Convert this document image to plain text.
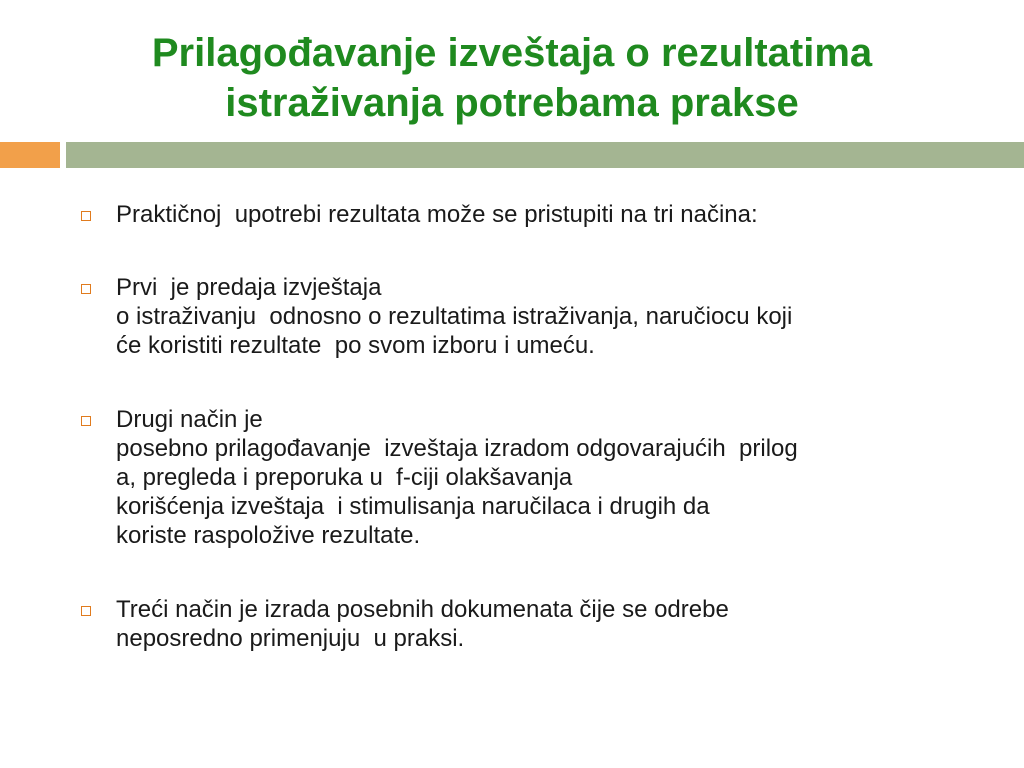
Prilagođavanje izveštaja o rezultatima
istraživanja potrebama prakse
Praktičnoj  upotrebi rezultata može se pristupiti na tri načina:
Prvi  je predaja izvještaja
o istraživanju  odnosno o rezultatima istraživanja, naručiocu koji
će koristiti rezultate  po svom izboru i umeću.
Drugi način je
posebno prilagođavanje  izveštaja izradom odgovarajućih  prilog
a, pregleda i preporuka u  f-ciji olakšavanja
korišćenja izveštaja  i stimulisanja naručilaca i drugih da
koriste raspoložive rezultate.
Treći način je izrada posebnih dokumenata čije se odrebe
neposredno primenjuju  u praksi.
